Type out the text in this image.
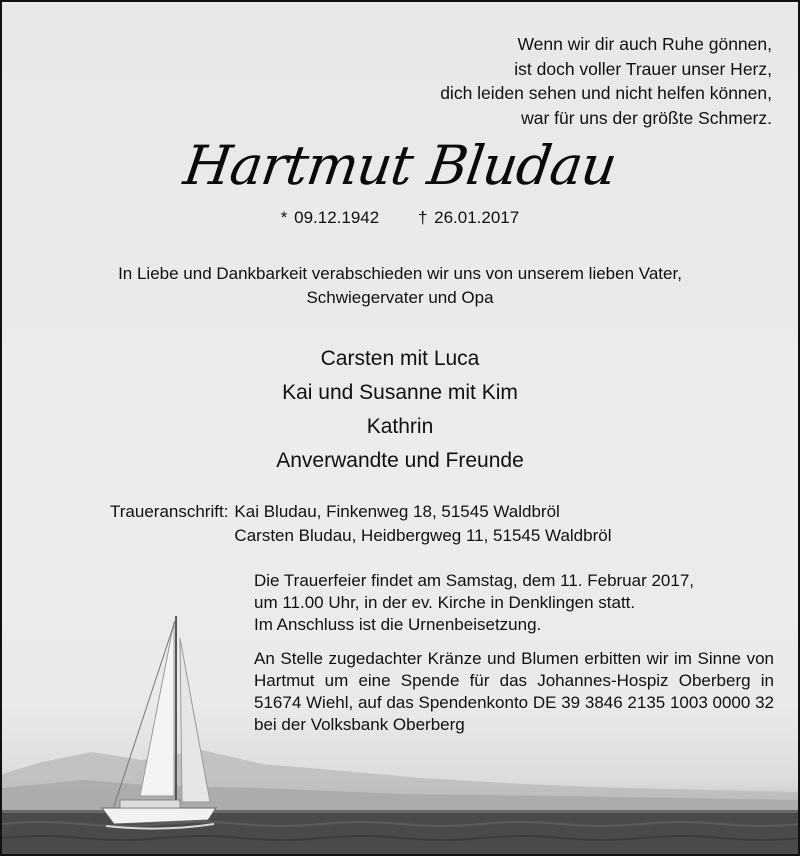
Wenn wir dir auch Ruhe gönnen,
ist doch voller Trauer unser Herz,
dich leiden sehen und nicht helfen können,
war für uns der größte Schmerz.
Hartmut Bludau
* 09.12.1942 † 26.01.2017
In Liebe und Dankbarkeit verabschieden wir uns von unserem lieben Vater,
Schwiegervater und Opa
Carsten mit Luca
Kai und Susanne mit Kim
Kathrin
Anverwandte und Freunde
Traueranschrift: Kai Bludau, Finkenweg 18, 51545 Waldbröl
Carsten Bludau, Heidbergweg 11, 51545 Waldbröl
Die Trauerfeier findet am Samstag, dem 11. Februar 2017,
um 11.00 Uhr, in der ev. Kirche in Denklingen statt.
Im Anschluss ist die Urnenbeisetzung.
An Stelle zugedachter Kränze und Blumen erbitten wir im Sinne von Hartmut um eine Spende für das Johannes-Hospiz Oberberg in 51674 Wiehl, auf das Spendenkonto DE 39 3846 2135 1003 0000 32 bei der Volksbank Oberberg
